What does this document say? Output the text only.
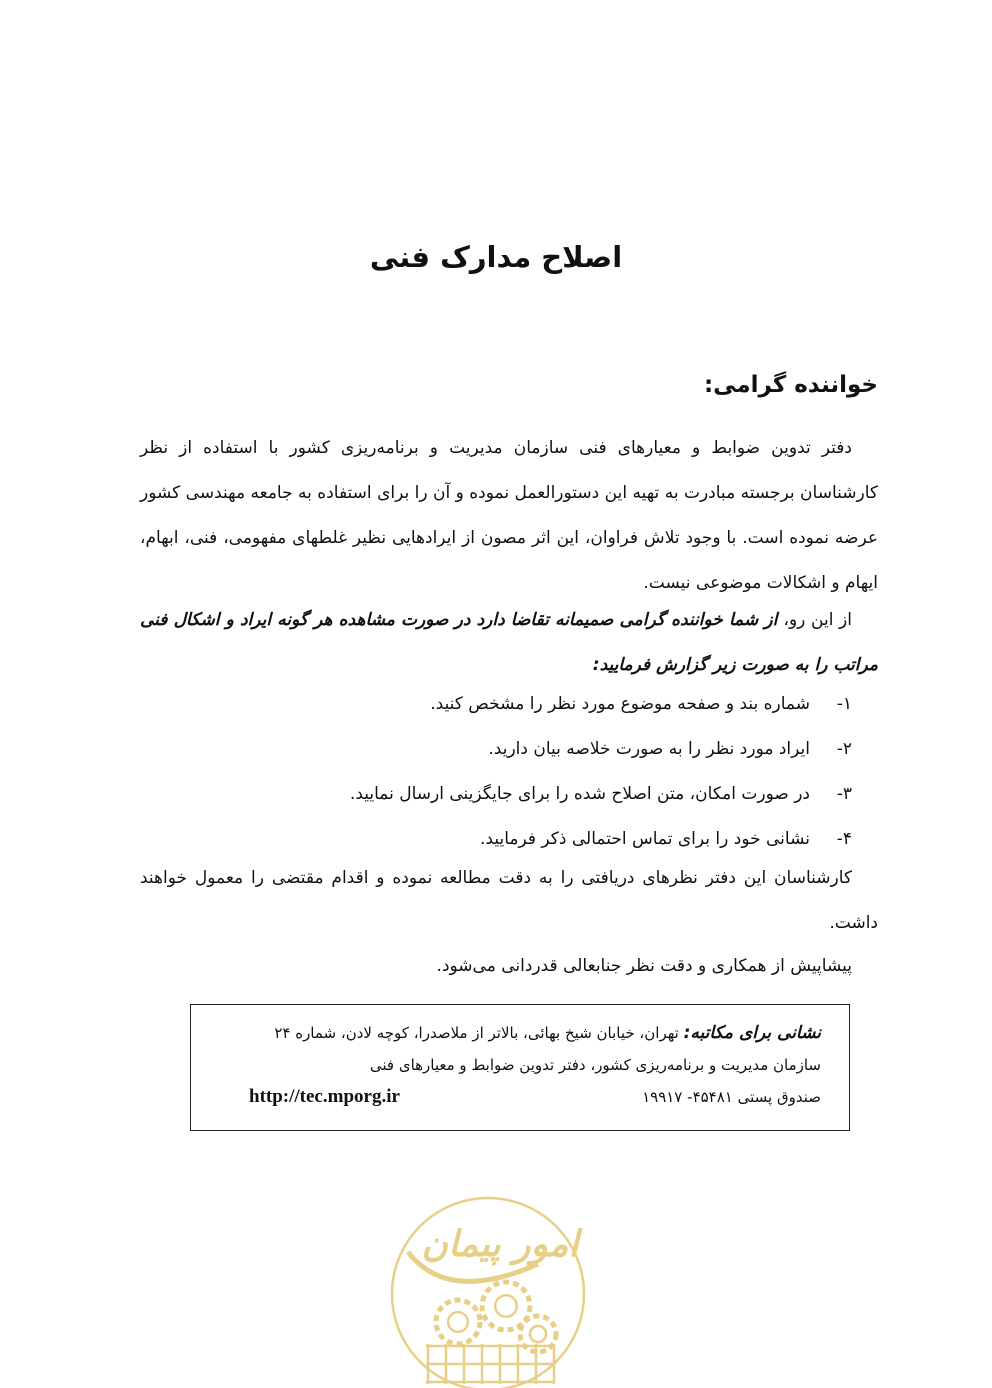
اصلاح مدارک فنی
خواننده گرامی:

دفتر تدوین ضوابط و معیارهای فنی سازمان مدیریت و برنامه‌ریزی کشور با استفاده از نظر کارشناسان برجسته مبادرت به تهیه این دستورالعمل نموده و آن را برای استفاده به جامعه مهندسی کشور عرضه نموده است. با وجود تلاش فراوان، این اثر مصون از ایرادهایی نظیر غلطهای مفهومی، فنی، ابهام، ایهام و اشکالات موضوعی نیست.

از این رو، از شما خواننده گرامی صمیمانه تقاضا دارد در صورت مشاهده هر گونه ایراد و اشکال فنی مراتب را به صورت زیر گزارش فرمایید:

۱-شماره بند و صفحه موضوع مورد نظر را مشخص کنید.
۲-ایراد مورد نظر را به صورت خلاصه بیان دارید.
۳-در صورت امکان، متن اصلاح شده را برای جایگزینی ارسال نمایید.
۴-نشانی خود را برای تماس احتمالی ذکر فرمایید.

کارشناسان این دفتر نظرهای دریافتی را به دقت مطالعه نموده و اقدام مقتضی را معمول خواهند داشت.

پیشاپیش از همکاری و دقت نظر جنابعالی قدردانی می‌شود.

نشانی برای مکاتبه: تهران، خیابان شیخ بهائی، بالاتر از ملاصدرا، کوچه لادن، شماره ۲۴
سازمان مدیریت و برنامه‌ریزی کشور، دفتر تدوین ضوابط و معیارهای فنی
صندوق پستی ۴۵۴۸۱- ۱۹۹۱۷
http://tec.mporg.ir
امور پیمان
